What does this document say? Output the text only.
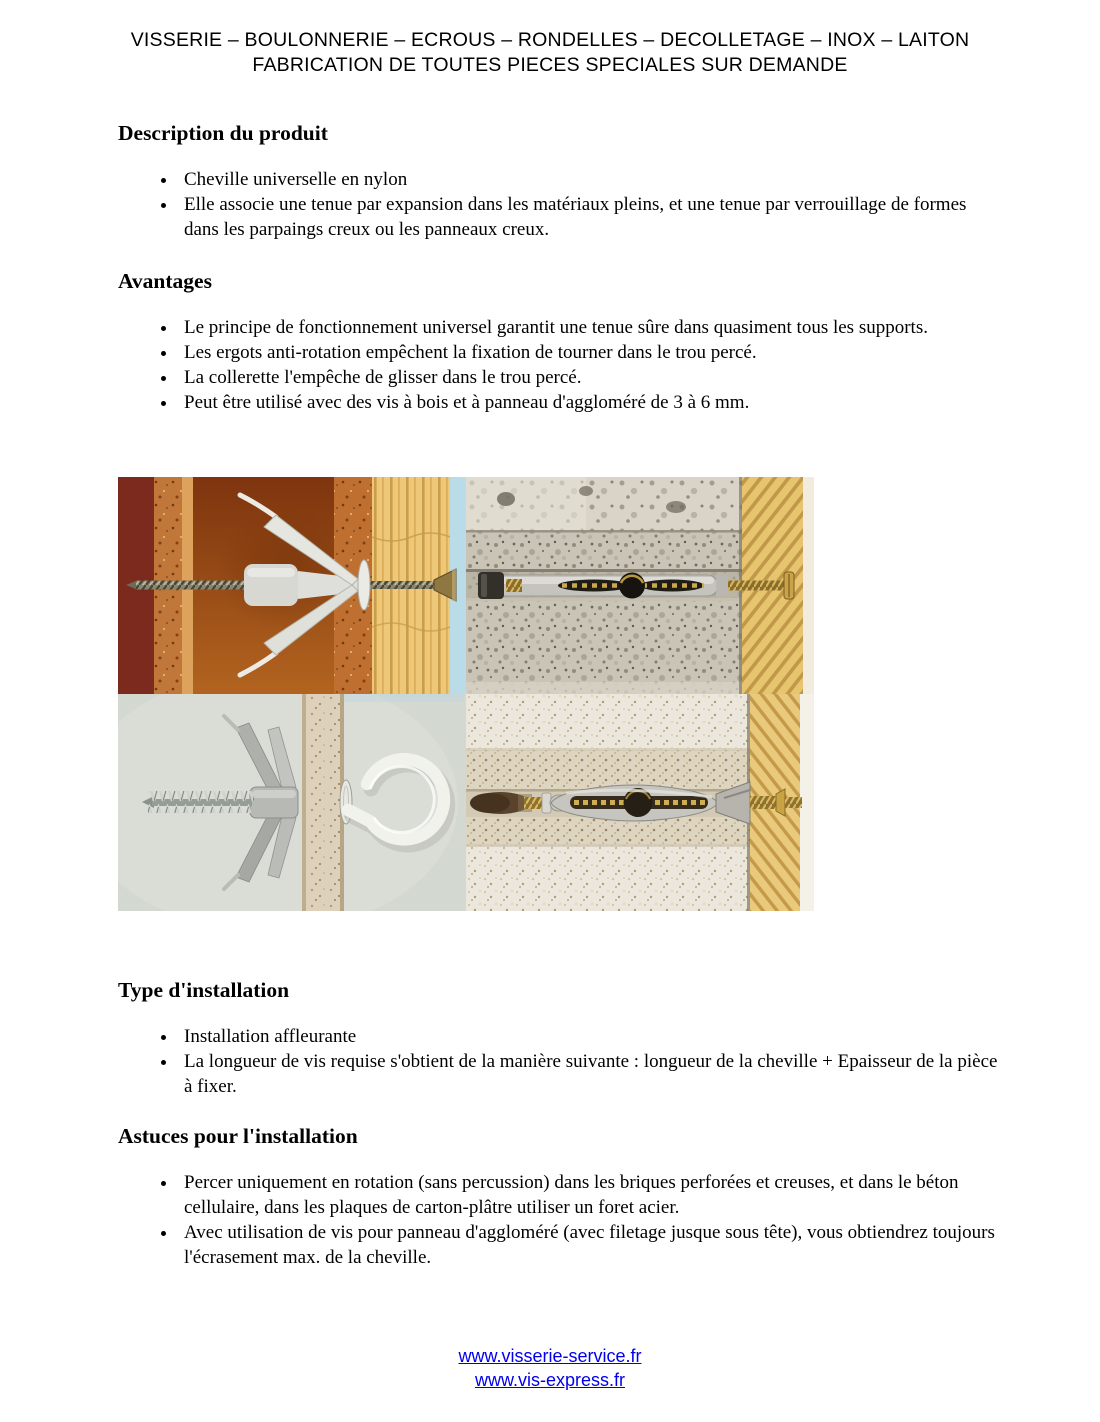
VISSERIE – BOULONNERIE – ECROUS – RONDELLES – DECOLLETAGE – INOX – LAITON
FABRICATION DE TOUTES PIECES SPECIALES SUR DEMANDE
Description du produit
• Cheville universelle en nylon
• Elle associe une tenue par expansion dans les matériaux pleins, et une tenue par verrouillage de formes dans les parpaings creux ou les panneaux creux.
Avantages
• Le principe de fonctionnement universel garantit une tenue sûre dans quasiment tous les supports.
• Les ergots anti-rotation empêchent la fixation de tourner dans le trou percé.
• La collerette l'empêche de glisser dans le trou percé.
• Peut être utilisé avec des vis à bois et à panneau d'aggloméré de 3 à 6 mm.
Type d'installation
• Installation affleurante
• La longueur de vis requise s'obtient de la manière suivante : longueur de la cheville + Epaisseur de la pièce à fixer.
Astuces pour l'installation
• Percer uniquement en rotation (sans percussion) dans les briques perforées et creuses, et dans le béton cellulaire, dans les plaques de carton-plâtre utiliser un foret acier.
• Avec utilisation de vis pour panneau d'aggloméré (avec filetage jusque sous tête), vous obtiendrez toujours l'écrasement max. de la cheville.
www.visserie-service.fr
www.vis-express.fr
